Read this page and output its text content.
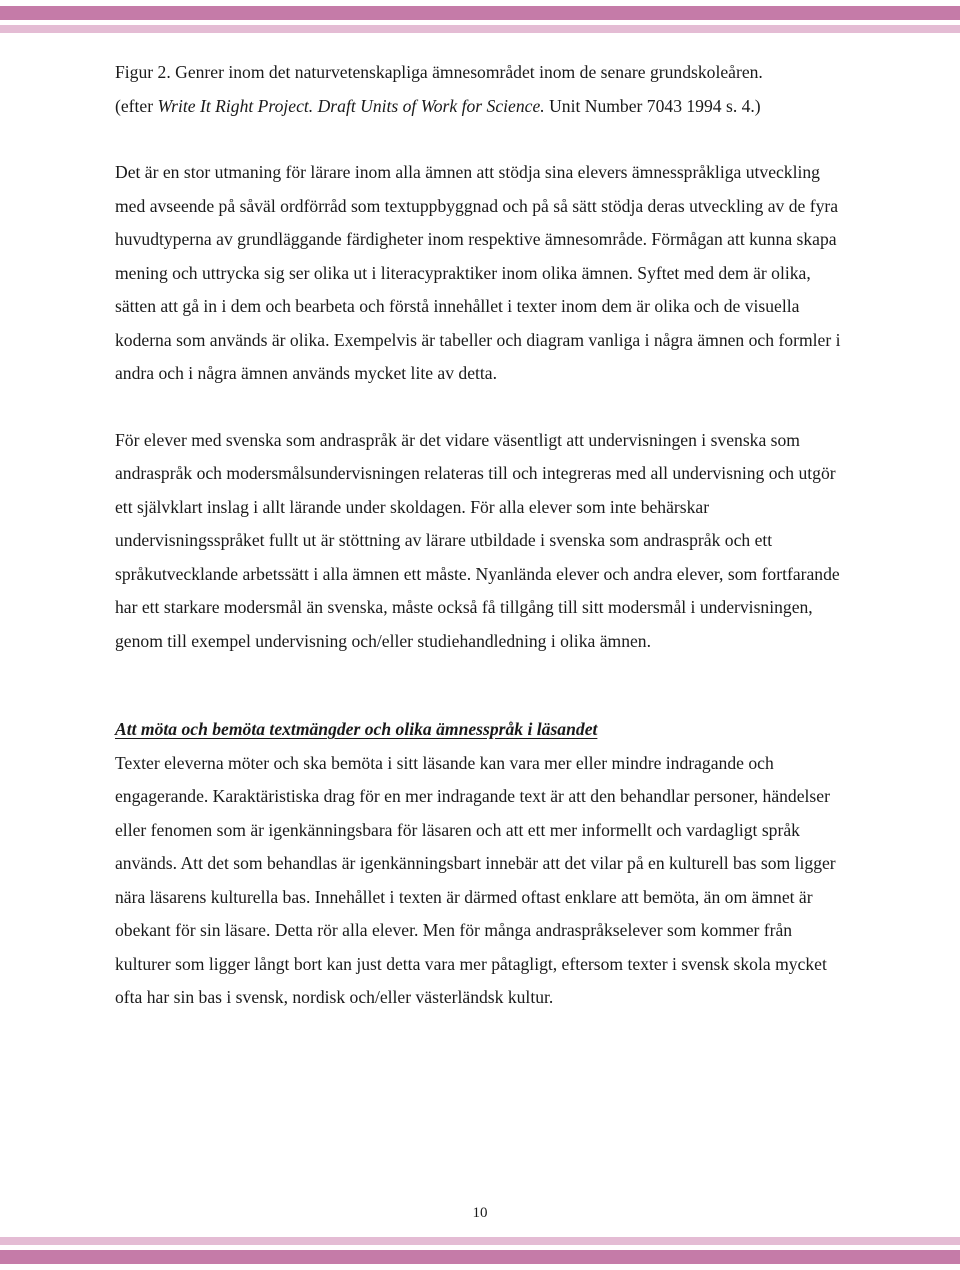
Figur 2. Genrer inom det naturvetenskapliga ämnesområdet inom de senare grundskoleåren.
(efter Write It Right Project. Draft Units of Work for Science. Unit Number 7043 1994 s. 4.)

Det är en stor utmaning för lärare inom alla ämnen att stödja sina elevers ämnesspråkliga utveckling med avseende på såväl ordförråd som textuppbyggnad och på så sätt stödja deras utveckling av de fyra huvudtyperna av grundläggande färdigheter inom respektive ämnesområde. Förmågan att kunna skapa mening och uttrycka sig ser olika ut i literacypraktiker inom olika ämnen. Syftet med dem är olika, sätten att gå in i dem och bearbeta och förstå innehållet i texter inom dem är olika och de visuella koderna som används är olika. Exempelvis är tabeller och diagram vanliga i några ämnen och formler i andra och i några ämnen används mycket lite av detta.

För elever med svenska som andraspråk är det vidare väsentligt att undervisningen i svenska som andraspråk och modersmålsundervisningen relateras till och integreras med all undervisning och utgör ett självklart inslag i allt lärande under skoldagen. För alla elever som inte behärskar undervisningsspråket fullt ut är stöttning av lärare utbildade i svenska som andraspråk och ett språkutvecklande arbetssätt i alla ämnen ett måste. Nyanlända elever och andra elever, som fortfarande har ett starkare modersmål än svenska, måste också få tillgång till sitt modersmål i undervisningen, genom till exempel undervisning och/eller studiehandledning i olika ämnen.

Att möta och bemöta textmängder och olika ämnesspråk i läsandet

Texter eleverna möter och ska bemöta i sitt läsande kan vara mer eller mindre indragande och engagerande. Karaktäristiska drag för en mer indragande text är att den behandlar personer, händelser eller fenomen som är igenkänningsbara för läsaren och att ett mer informellt och vardagligt språk används. Att det som behandlas är igenkänningsbart innebär att det vilar på en kulturell bas som ligger nära läsarens kulturella bas. Innehållet i texten är därmed oftast enklare att bemöta, än om ämnet är obekant för sin läsare. Detta rör alla elever. Men för många andraspråkselever som kommer från kulturer som ligger långt bort kan just detta vara mer påtagligt, eftersom texter i svensk skola mycket ofta har sin bas i svensk, nordisk och/eller västerländsk kultur.

10
